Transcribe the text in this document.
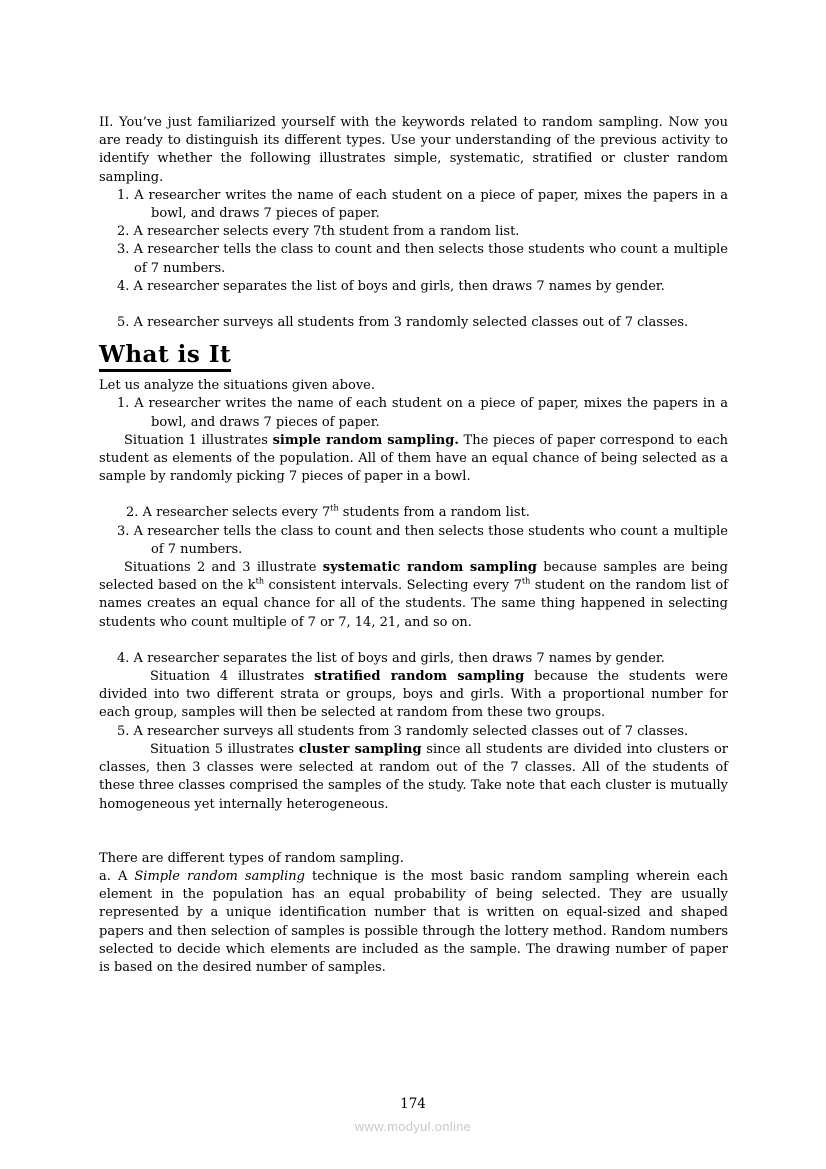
II. You’ve just familiarized yourself with the keywords related to random sampling. Now you are ready to distinguish its different types. Use your understanding of the previous activity to identify whether the following illustrates simple, systematic, stratified or cluster random sampling.

1. A researcher writes the name of each student on a piece of paper, mixes the papers in a bowl, and draws 7 pieces of paper.
2. A researcher selects every 7th student from a random list.
3. A researcher tells the class to count and then selects those students who count a multiple of 7 numbers.
4. A researcher separates the list of boys and girls, then draws 7 names by gender.
5. A researcher surveys all students from 3 randomly selected classes out of 7 classes.
What is It

Let us analyze the situations given above.

1. A researcher writes the name of each student on a piece of paper, mixes the papers in a bowl, and draws 7 pieces of paper.

Situation 1 illustrates simple random sampling. The pieces of paper correspond to each student as elements of the population. All of them have an equal chance of being selected as a sample by randomly picking 7 pieces of paper in a bowl.

2. A researcher selects every 7th students from a random list.
3. A researcher tells the class to count and then selects those students who count a multiple of 7 numbers.

Situations 2 and 3 illustrate systematic random sampling because samples are being selected based on the $k^{th}$ consistent intervals. Selecting every 7th student on the random list of names creates an equal chance for all of the students. The same thing happened in selecting students who count multiple of 7 or 7, 14, 21, and so on.

4. A researcher separates the list of boys and girls, then draws 7 names by gender.

Situation 4 illustrates stratified random sampling because the students were divided into two different strata or groups, boys and girls. With a proportional number for each group, samples will then be selected at random from these two groups.

5. A researcher surveys all students from 3 randomly selected classes out of 7 classes.

Situation 5 illustrates cluster sampling since all students are divided into clusters or classes, then 3 classes were selected at random out of the 7 classes. All of the students of these three classes comprised the samples of the study. Take note that each cluster is mutually homogeneous yet internally heterogeneous.

There are different types of random sampling.

a. A Simple random sampling technique is the most basic random sampling wherein each element in the population has an equal probability of being selected. They are usually represented by a unique identification number that is written on equal-sized and shaped papers and then selection of samples is possible through the lottery method. Random numbers selected to decide which elements are included as the sample. The drawing number of paper is based on the desired number of samples.

174
www.modyul.online
